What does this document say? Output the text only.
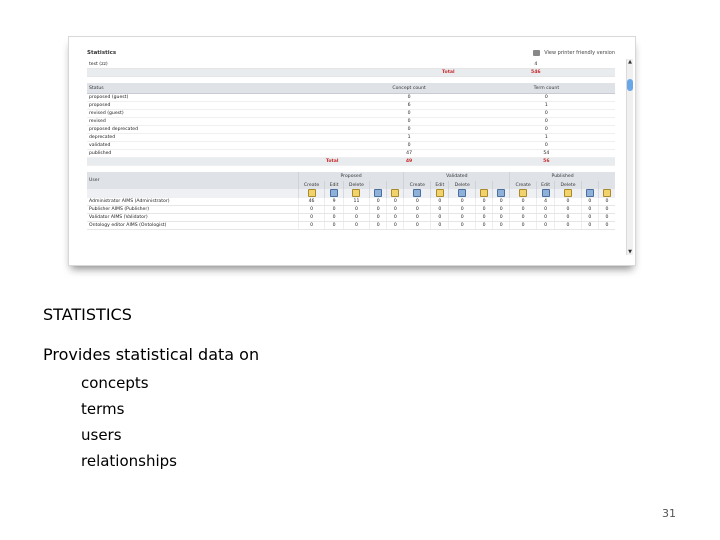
Statistics	View printer friendly version
test (zz)	4
Total	546
Status	Concept count	Term count
proposed (guest)	0	0
proposed	6	1
revised (guest)	0	0
revised	0	0
proposed deprecated	0	0
deprecated	1	1
validated	0	0
published	47	54
Total	49	56
User	Proposed					Validated					Published				
	Create	Edit	Delete			Create	Edit	Delete			Create	Edit	Delete		

Administrator AIMS (Administrator)	46	9	11	0	0	0	0	0	0	0	0	4	0	0	0
Publisher AIMS (Publisher)	0	0	0	0	0	0	0	0	0	0	0	0	0	0	0
Validator AIMS (Validator)	0	0	0	0	0	0	0	0	0	0	0	0	0	0	0
Ontology editor AIMS (Ontologist)	0	0	0	0	0	0	0	0	0	0	0	0	0	0	0
▲
▼
STATISTICS
Provides statistical data on
concepts
terms
users
relationships
31
